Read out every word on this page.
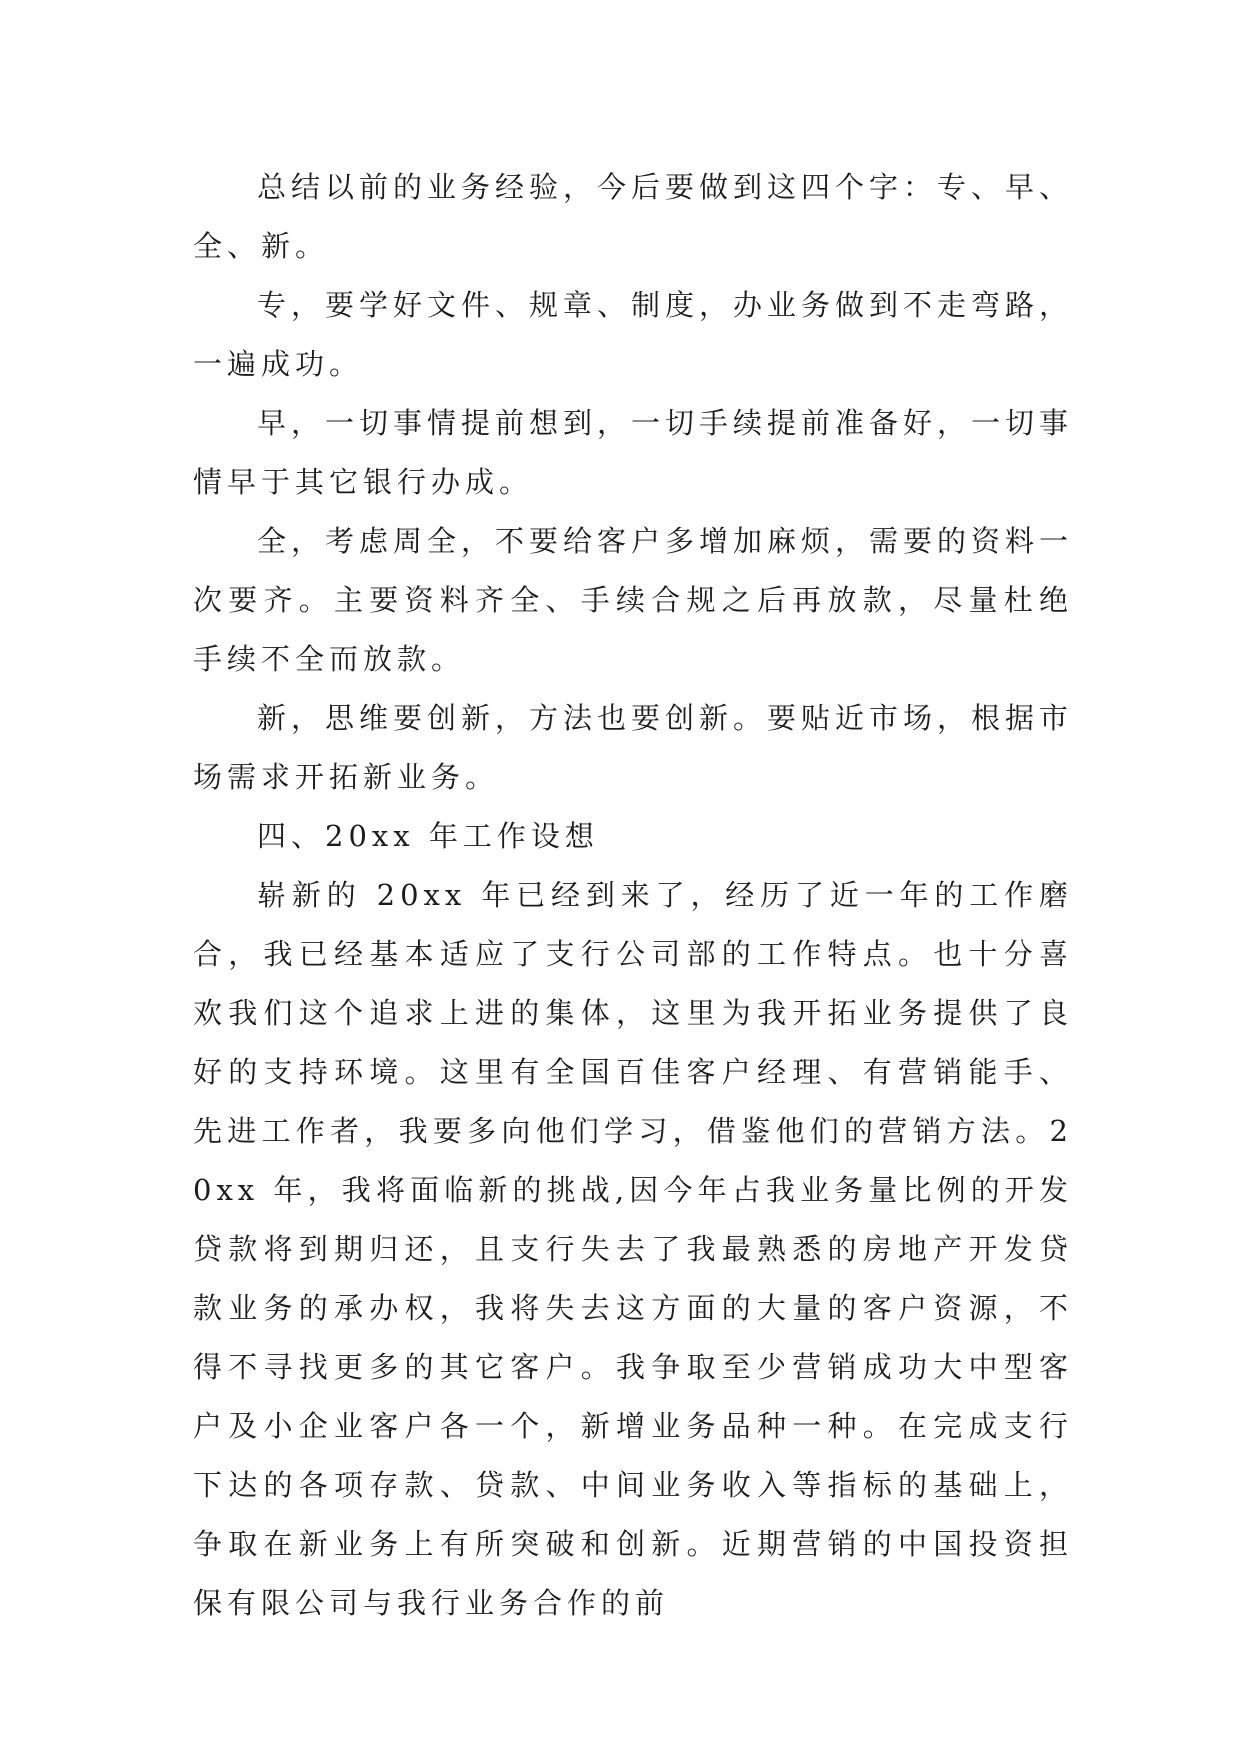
总结以前的业务经验，今后要做到这四个字：专、早、全、新。

专，要学好文件、规章、制度，办业务做到不走弯路，一遍成功。

早，一切事情提前想到，一切手续提前准备好，一切事情早于其它银行办成。

全，考虑周全，不要给客户多增加麻烦，需要的资料一次要齐。主要资料齐全、手续合规之后再放款，尽量杜绝手续不全而放款。

新，思维要创新，方法也要创新。要贴近市场，根据市场需求开拓新业务。

四、20xx 年工作设想

崭新的 20xx 年已经到来了，经历了近一年的工作磨合，我已经基本适应了支行公司部的工作特点。也十分喜欢我们这个追求上进的集体，这里为我开拓业务提供了良好的支持环境。这里有全国百佳客户经理、有营销能手、先进工作者，我要多向他们学习，借鉴他们的营销方法。20xx 年，我将面临新的挑战,因今年占我业务量比例的开发贷款将到期归还，且支行失去了我最熟悉的房地产开发贷款业务的承办权，我将失去这方面的大量的客户资源，不得不寻找更多的其它客户。我争取至少营销成功大中型客户及小企业客户各一个，新增业务品种一种。在完成支行下达的各项存款、贷款、中间业务收入等指标的基础上，争取在新业务上有所突破和创新。近期营销的中国投资担保有限公司与我行业务合作的前
